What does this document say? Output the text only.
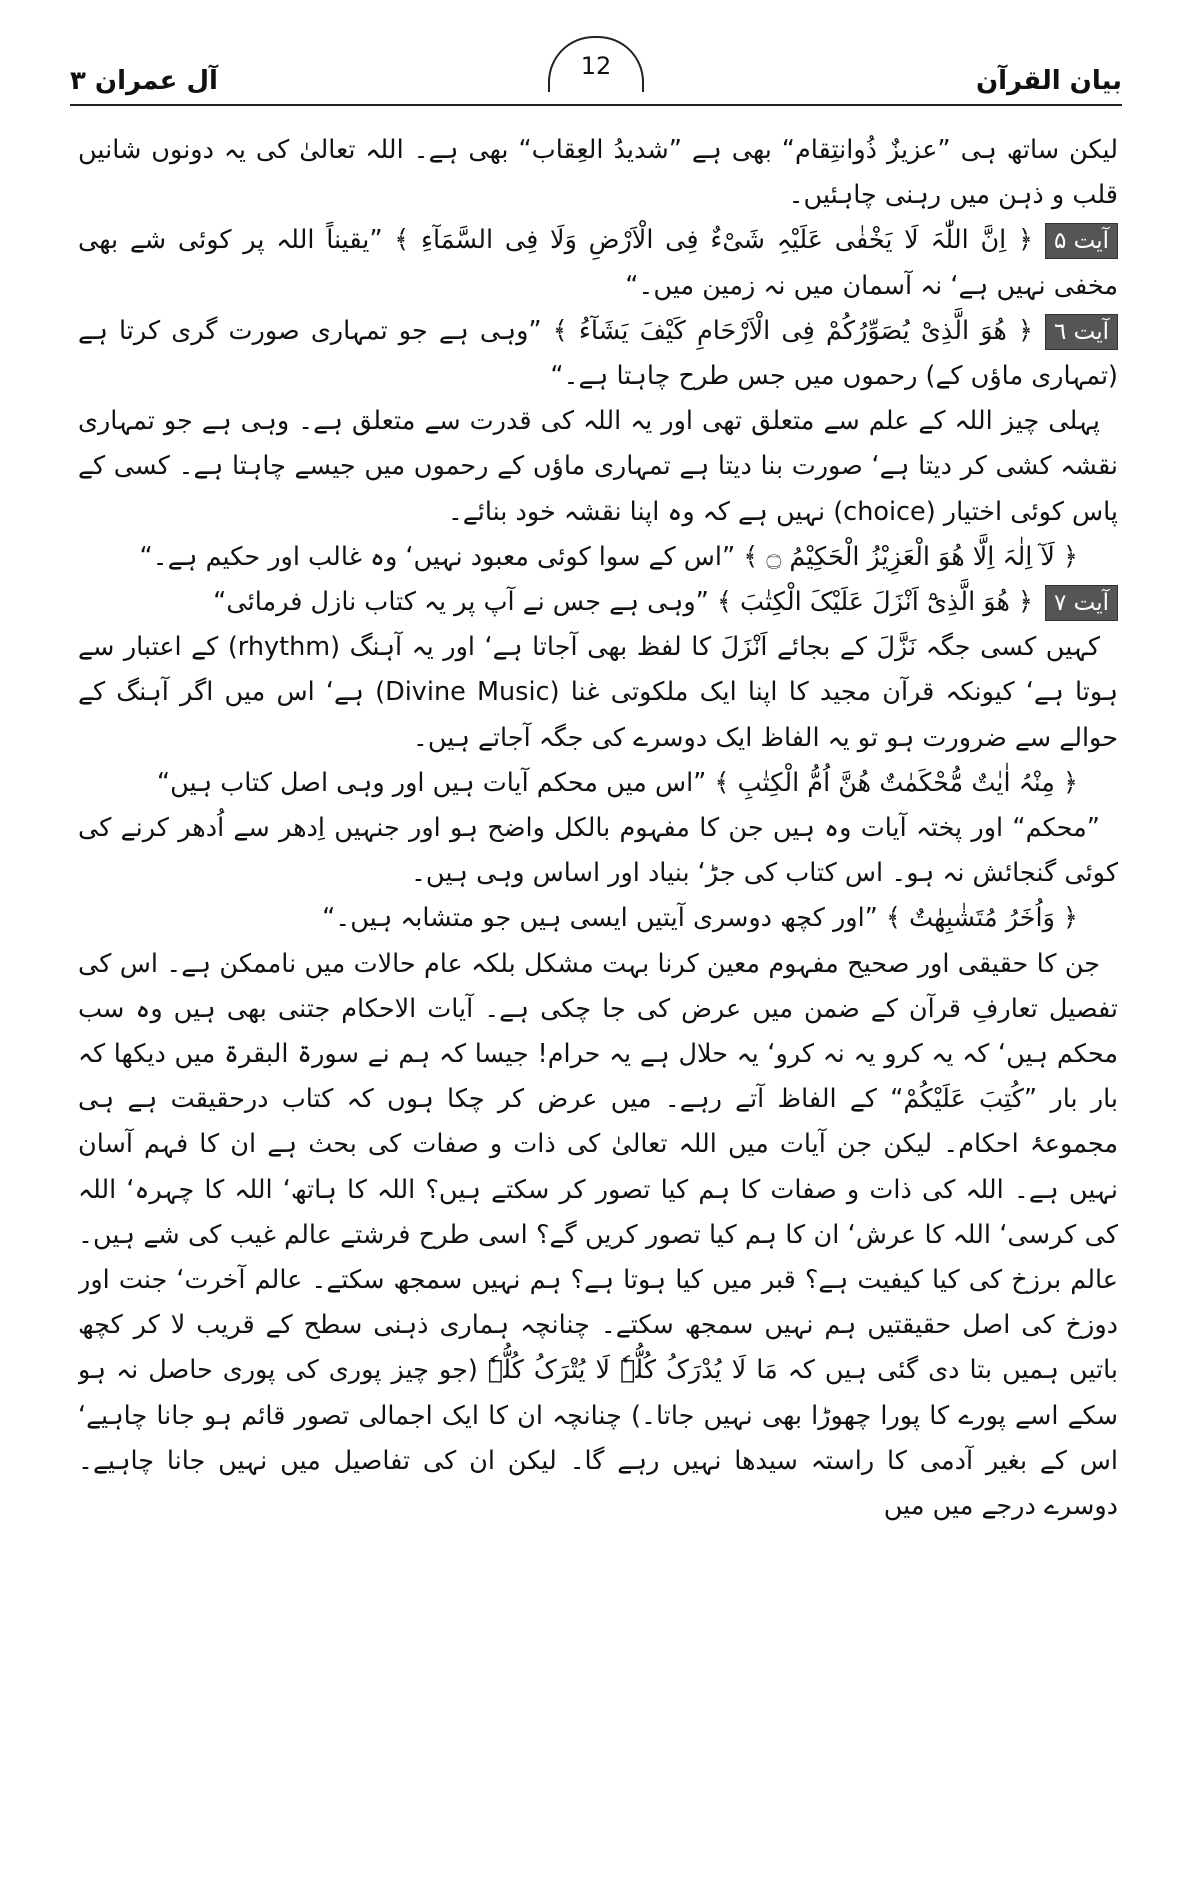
آل عمران ۳	12	بیان القرآن

لیکن ساتھ ہی ”عزیزٌ ذُوانتِقام“ بھی ہے ”شدیدُ العِقاب“ بھی ہے۔ اللہ تعالیٰ کی یہ دونوں شانیں قلب و ذہن میں رہنی چاہئیں۔

آیت ۵﴿ اِنَّ اللّٰہَ لَا یَخْفٰی عَلَیْہِ شَیْءٌ فِی الْاَرْضِ وَلَا فِی السَّمَآءِ ﴾ ”یقیناً اللہ پر کوئی شے بھی مخفی نہیں ہے‘ نہ آسمان میں نہ زمین میں۔“

آیت ٦﴿ ھُوَ الَّذِیْ یُصَوِّرُکُمْ فِی الْاَرْحَامِ کَیْفَ یَشَآءُ ﴾ ”وہی ہے جو تمہاری صورت گری کرتا ہے (تمہاری ماؤں کے) رحموں میں جس طرح چاہتا ہے۔“

پہلی چیز اللہ کے علم سے متعلق تھی اور یہ اللہ کی قدرت سے متعلق ہے۔ وہی ہے جو تمہاری نقشہ کشی کر دیتا ہے‘ صورت بنا دیتا ہے تمہاری ماؤں کے رحموں میں جیسے چاہتا ہے۔ کسی کے پاس کوئی اختیار (choice) نہیں ہے کہ وہ اپنا نقشہ خود بنائے۔

﴿ لَآ اِلٰہَ اِلَّا ھُوَ الْعَزِیْزُ الْحَکِیْمُ ۝ ﴾ ”اس کے سوا کوئی معبود نہیں‘ وہ غالب اور حکیم ہے۔“

آیت ۷﴿ ھُوَ الَّذِیْٓ اَنْزَلَ عَلَیْکَ الْکِتٰبَ ﴾ ”وہی ہے جس نے آپ پر یہ کتاب نازل فرمائی“

کہیں کسی جگہ نَزَّلَ کے بجائے اَنْزَلَ کا لفظ بھی آجاتا ہے‘ اور یہ آہنگ (rhythm) کے اعتبار سے ہوتا ہے‘ کیونکہ قرآن مجید کا اپنا ایک ملکوتی غنا (Divine Music) ہے‘ اس میں اگر آہنگ کے حوالے سے ضرورت ہو تو یہ الفاظ ایک دوسرے کی جگہ آجاتے ہیں۔

﴿ مِنْہُ اٰیٰتٌ مُّحْکَمٰتٌ ھُنَّ اُمُّ الْکِتٰبِ ﴾ ”اس میں محکم آیات ہیں اور وہی اصل کتاب ہیں“

”محکم“ اور پختہ آیات وہ ہیں جن کا مفہوم بالکل واضح ہو اور جنہیں اِدھر سے اُدھر کرنے کی کوئی گنجائش نہ ہو۔ اس کتاب کی جڑ‘ بنیاد اور اساس وہی ہیں۔

﴿ وَاُخَرُ مُتَشٰبِھٰتٌ ﴾ ”اور کچھ دوسری آیتیں ایسی ہیں جو متشابہ ہیں۔“

جن کا حقیقی اور صحیح مفہوم معین کرنا بہت مشکل بلکہ عام حالات میں ناممکن ہے۔ اس کی تفصیل تعارفِ قرآن کے ضمن میں عرض کی جا چکی ہے۔ آیات الاحکام جتنی بھی ہیں وہ سب محکم ہیں‘ کہ یہ کرو یہ نہ کرو‘ یہ حلال ہے یہ حرام! جیسا کہ ہم نے سورۃ البقرۃ میں دیکھا کہ بار بار ”کُتِبَ عَلَیْکُمْ“ کے الفاظ آتے رہے۔ میں عرض کر چکا ہوں کہ کتاب درحقیقت ہے ہی مجموعۂ احکام۔ لیکن جن آیات میں اللہ تعالیٰ کی ذات و صفات کی بحث ہے ان کا فہم آسان نہیں ہے۔ اللہ کی ذات و صفات کا ہم کیا تصور کر سکتے ہیں؟ اللہ کا ہاتھ‘ اللہ کا چہرہ‘ اللہ کی کرسی‘ اللہ کا عرش‘ ان کا ہم کیا تصور کریں گے؟ اسی طرح فرشتے عالم غیب کی شے ہیں۔ عالم برزخ کی کیا کیفیت ہے؟ قبر میں کیا ہوتا ہے؟ ہم نہیں سمجھ سکتے۔ عالم آخرت‘ جنت اور دوزخ کی اصل حقیقتیں ہم نہیں سمجھ سکتے۔ چنانچہ ہماری ذہنی سطح کے قریب لا کر کچھ باتیں ہمیں بتا دی گئی ہیں کہ مَا لَا یُدْرَکُ کُلُّہٗ لَا یُتْرَکُ کُلُّہٗ (جو چیز پوری کی پوری حاصل نہ ہو سکے اسے پورے کا پورا چھوڑا بھی نہیں جاتا۔) چنانچہ ان کا ایک اجمالی تصور قائم ہو جانا چاہیے‘ اس کے بغیر آدمی کا راستہ سیدھا نہیں رہے گا۔ لیکن ان کی تفاصیل میں نہیں جانا چاہیے۔ دوسرے درجے میں میں
